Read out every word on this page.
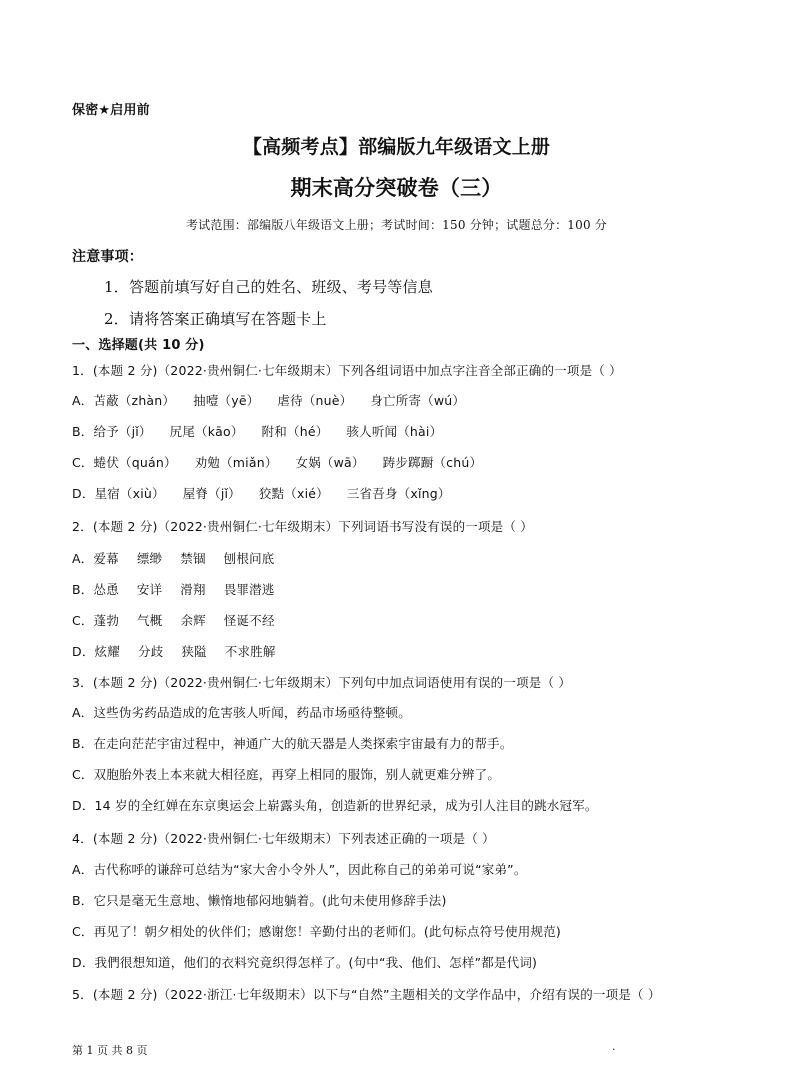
保密★启用前
【高频考点】部编版九年级语文上册
期末高分突破卷（三）
考试范围：部编版八年级语文上册；考试时间：150 分钟；试题总分：100 分
注意事项：
1．答题前填写好自己的姓名、班级、考号等信息
2．请将答案正确填写在答题卡上
一、选择题(共 10 分)
1．(本题 2 分)（2022·贵州铜仁·七年级期末）下列各组词语中加点字注音全部正确的一项是（ ）
A．苫蔽（zhàn） 抽噎（yē） 虐待（nuè） 身亡所寄（wú）
B．给予（jǐ） 尻尾（kāo） 附和（hé） 骇人听闻（hài）
C．蜷伏（quán） 劝勉（miǎn） 女娲（wā） 踌步踯蹰（chú）
D．星宿（xiù） 屋脊（jǐ） 狡黠（xié） 三省吾身（xǐng）
2．(本题 2 分)（2022·贵州铜仁·七年级期末）下列词语书写没有误的一项是（ ）
A．爱幕 缥缈 禁锢 刨根问底
B．怂恿 安详 滑翔 畏罪潜逃
C．蓬勃 气概 余辉 怪诞不经
D．炫耀 分歧 狭隘 不求胜解
3．(本题 2 分)（2022·贵州铜仁·七年级期末）下列句中加点词语使用有误的一项是（ ）
A．这些伪劣药品造成的危害骇人听闻，药品市场亟待整顿。
B．在走向茫茫宇宙过程中，神通广大的航天器是人类探索宇宙最有力的帮手。
C．双胞胎外表上本来就大相径庭，再穿上相同的服饰，别人就更难分辨了。
D．14 岁的全红婵在东京奥运会上崭露头角，创造新的世界纪录，成为引人注目的跳水冠军。
4．(本题 2 分)（2022·贵州铜仁·七年级期末）下列表述正确的一项是（ ）
A．古代称呼的谦辞可总结为“家大舍小令外人”，因此称自己的弟弟可说“家弟”。
B．它只是毫无生意地、懒惰地郁闷地躺着。(此句未使用修辞手法)
C．再见了！朝夕相处的伙伴们；感谢您！辛勤付出的老师们。(此句标点符号使用规范)
D．我們很想知道，他们的衣料究竟织得怎样了。(句中“我、他们、怎样”都是代词)
5．(本题 2 分)（2022·浙江·七年级期末）以下与“自然”主题相关的文学作品中，介绍有误的一项是（ ）
第 1 页 共 8 页	.
